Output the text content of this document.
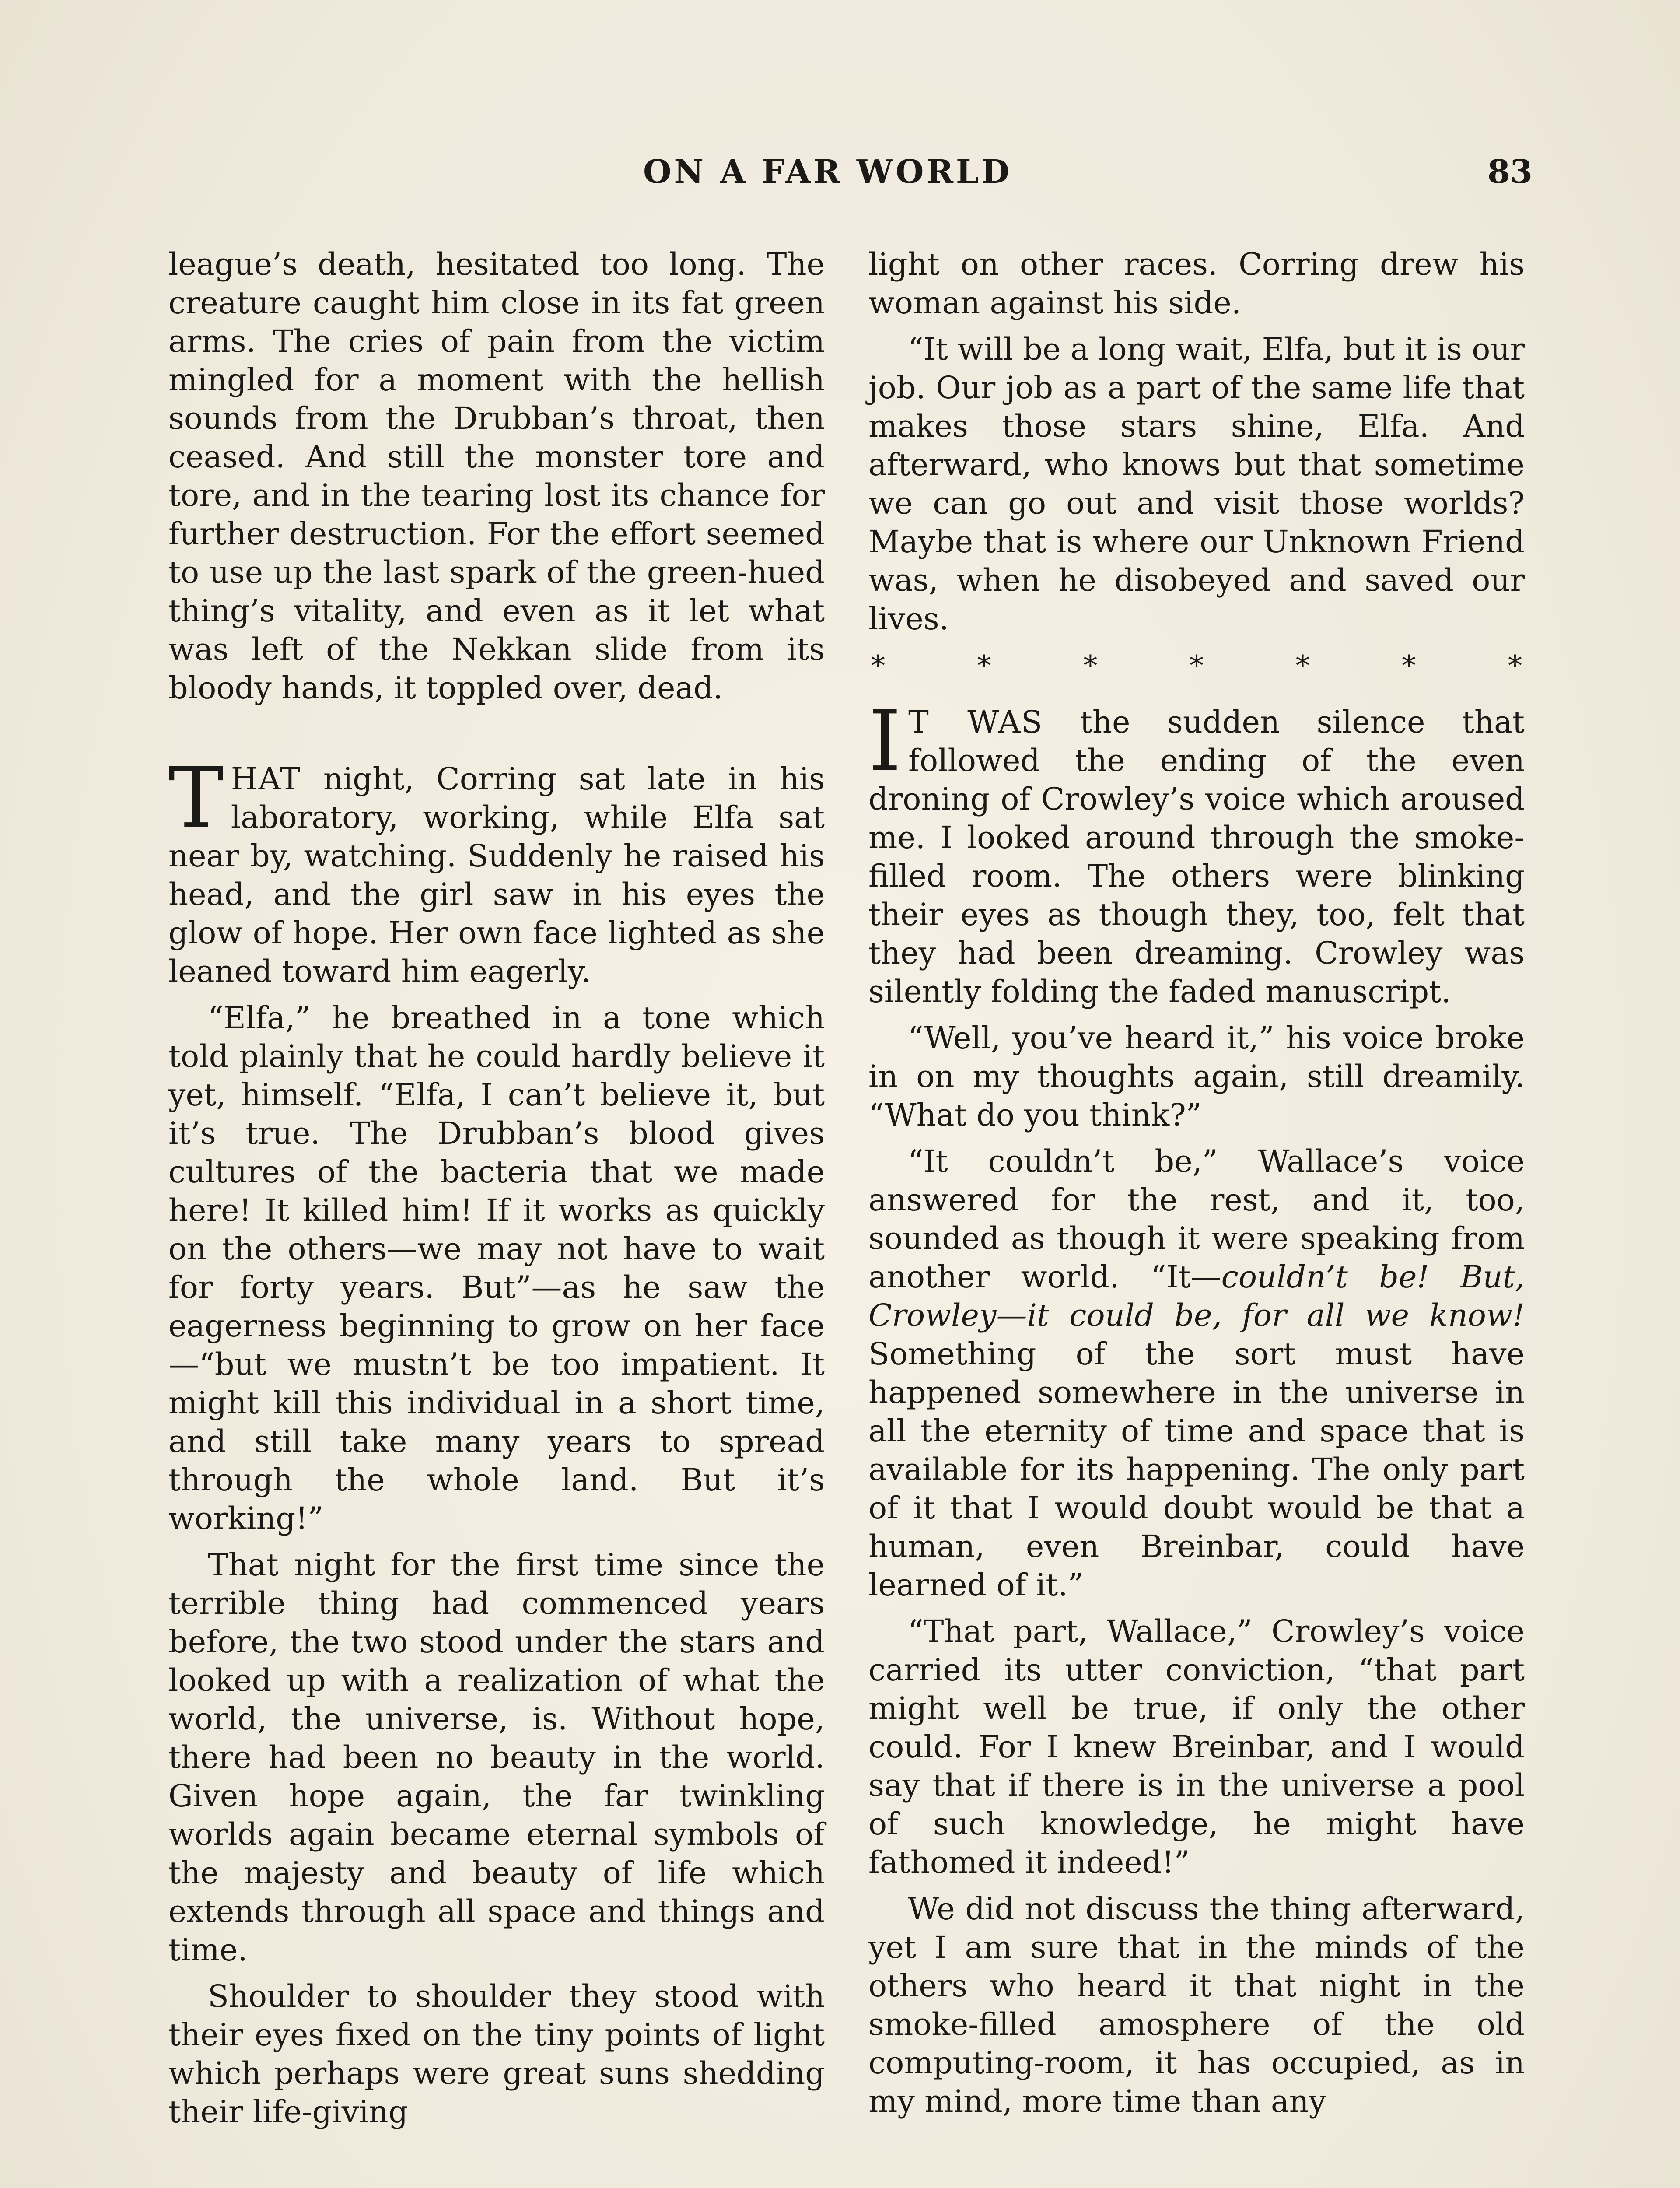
ON A FAR WORLD	83

league’s death, hesitated too long. The creature caught him close in its fat green arms. The cries of pain from the victim mingled for a moment with the hellish sounds from the Drubban’s throat, then ceased. And still the monster tore and tore, and in the tearing lost its chance for further destruction. For the effort seemed to use up the last spark of the green-hued thing’s vitality, and even as it let what was left of the Nekkan slide from its bloody hands, it toppled over, dead.

THAT night, Corring sat late in his laboratory, working, while Elfa sat near by, watching. Suddenly he raised his head, and the girl saw in his eyes the glow of hope. Her own face lighted as she leaned toward him eagerly.

“Elfa,” he breathed in a tone which told plainly that he could hardly believe it yet, himself. “Elfa, I can’t believe it, but it’s true. The Drubban’s blood gives cultures of the bacteria that we made here! It killed him! If it works as quickly on the others—we may not have to wait for forty years. But”—as he saw the eagerness beginning to grow on her face—“but we mustn’t be too impatient. It might kill this individual in a short time, and still take many years to spread through the whole land. But it’s working!”

That night for the first time since the terrible thing had commenced years before, the two stood under the stars and looked up with a realization of what the world, the universe, is. Without hope, there had been no beauty in the world. Given hope again, the far twinkling worlds again became eternal symbols of the majesty and beauty of life which extends through all space and things and time.

Shoulder to shoulder they stood with their eyes fixed on the tiny points of light which perhaps were great suns shedding their life-giving

light on other races. Corring drew his woman against his side.

“It will be a long wait, Elfa, but it is our job. Our job as a part of the same life that makes those stars shine, Elfa. And afterward, who knows but that sometime we can go out and visit those worlds? Maybe that is where our Unknown Friend was, when he disobeyed and saved our lives.

*	*	*	*	*	*	*

I T WAS the sudden silence that followed the ending of the even droning of Crowley’s voice which aroused me. I looked around through the smoke-filled room. The others were blinking their eyes as though they, too, felt that they had been dreaming. Crowley was silently folding the faded manuscript.

“Well, you’ve heard it,” his voice broke in on my thoughts again, still dreamily. “What do you think?”

“It couldn’t be,” Wallace’s voice answered for the rest, and it, too, sounded as though it were speaking from another world. “It—couldn’t be! But, Crowley—it could be, for all we know! Something of the sort must have happened somewhere in the universe in all the eternity of time and space that is available for its happening. The only part of it that I would doubt would be that a human, even Breinbar, could have learned of it.”

“That part, Wallace,” Crowley’s voice carried its utter conviction, “that part might well be true, if only the other could. For I knew Breinbar, and I would say that if there is in the universe a pool of such knowledge, he might have fathomed it indeed!”

We did not discuss the thing afterward, yet I am sure that in the minds of the others who heard it that night in the smoke-filled amosphere of the old computing-room, it has occupied, as in my mind, more time than any
